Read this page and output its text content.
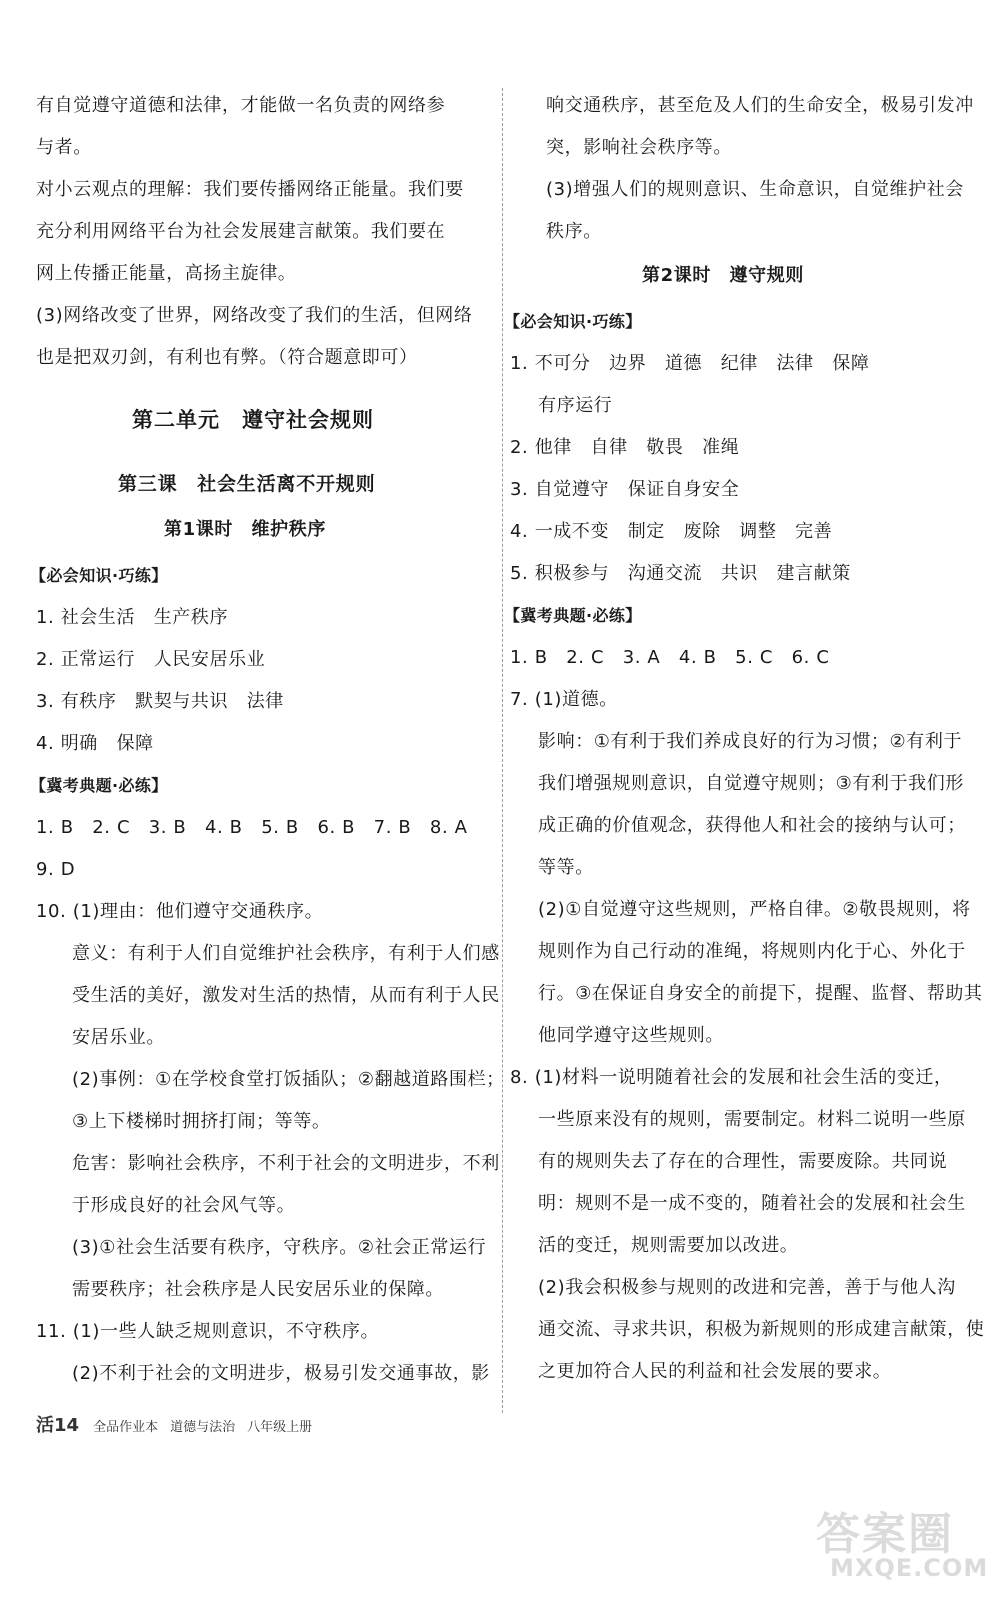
有自觉遵守道德和法律，才能做一名负责的网络参
与者。
对小云观点的理解：我们要传播网络正能量。我们要
充分利用网络平台为社会发展建言献策。我们要在
网上传播正能量，高扬主旋律。
(3)网络改变了世界，网络改变了我们的生活，但网络
也是把双刃剑，有利也有弊。（符合题意即可）
第二单元　遵守社会规则
第三课　社会生活离不开规则
第1课时　维护秩序
【必会知识·巧练】
1. 社会生活　生产秩序
2. 正常运行　人民安居乐业
3. 有秩序　默契与共识　法律
4. 明确　保障
【冀考典题·必练】
1. B　2. C　3. B　4. B　5. B　6. B　7. B　8. A
9. D
10. (1)理由：他们遵守交通秩序。
意义：有利于人们自觉维护社会秩序，有利于人们感
受生活的美好，激发对生活的热情，从而有利于人民
安居乐业。
(2)事例：①在学校食堂打饭插队；②翻越道路围栏；
③上下楼梯时拥挤打闹；等等。
危害：影响社会秩序，不利于社会的文明进步，不利
于形成良好的社会风气等。
(3)①社会生活要有秩序，守秩序。②社会正常运行
需要秩序；社会秩序是人民安居乐业的保障。
11. (1)一些人缺乏规则意识，不守秩序。
(2)不利于社会的文明进步，极易引发交通事故，影
响交通秩序，甚至危及人们的生命安全，极易引发冲
突，影响社会秩序等。
(3)增强人们的规则意识、生命意识，自觉维护社会
秩序。
第2课时　遵守规则
【必会知识·巧练】
1. 不可分　边界　道德　纪律　法律　保障
有序运行
2. 他律　自律　敬畏　准绳
3. 自觉遵守　保证自身安全
4. 一成不变　制定　废除　调整　完善
5. 积极参与　沟通交流　共识　建言献策
【冀考典题·必练】
1. B　2. C　3. A　4. B　5. C　6. C
7. (1)道德。
影响：①有利于我们养成良好的行为习惯；②有利于
我们增强规则意识，自觉遵守规则；③有利于我们形
成正确的价值观念，获得他人和社会的接纳与认可；
等等。
(2)①自觉遵守这些规则，严格自律。②敬畏规则，将
规则作为自己行动的准绳，将规则内化于心、外化于
行。③在保证自身安全的前提下，提醒、监督、帮助其
他同学遵守这些规则。
8. (1)材料一说明随着社会的发展和社会生活的变迁，
一些原来没有的规则，需要制定。材料二说明一些原
有的规则失去了存在的合理性，需要废除。共同说
明：规则不是一成不变的，随着社会的发展和社会生
活的变迁，规则需要加以改进。
(2)我会积极参与规则的改进和完善，善于与他人沟
通交流、寻求共识，积极为新规则的形成建言献策，使
之更加符合人民的利益和社会发展的要求。
活14 全品作业本 道德与法治 八年级上册
答案圈
MXQE.COM
